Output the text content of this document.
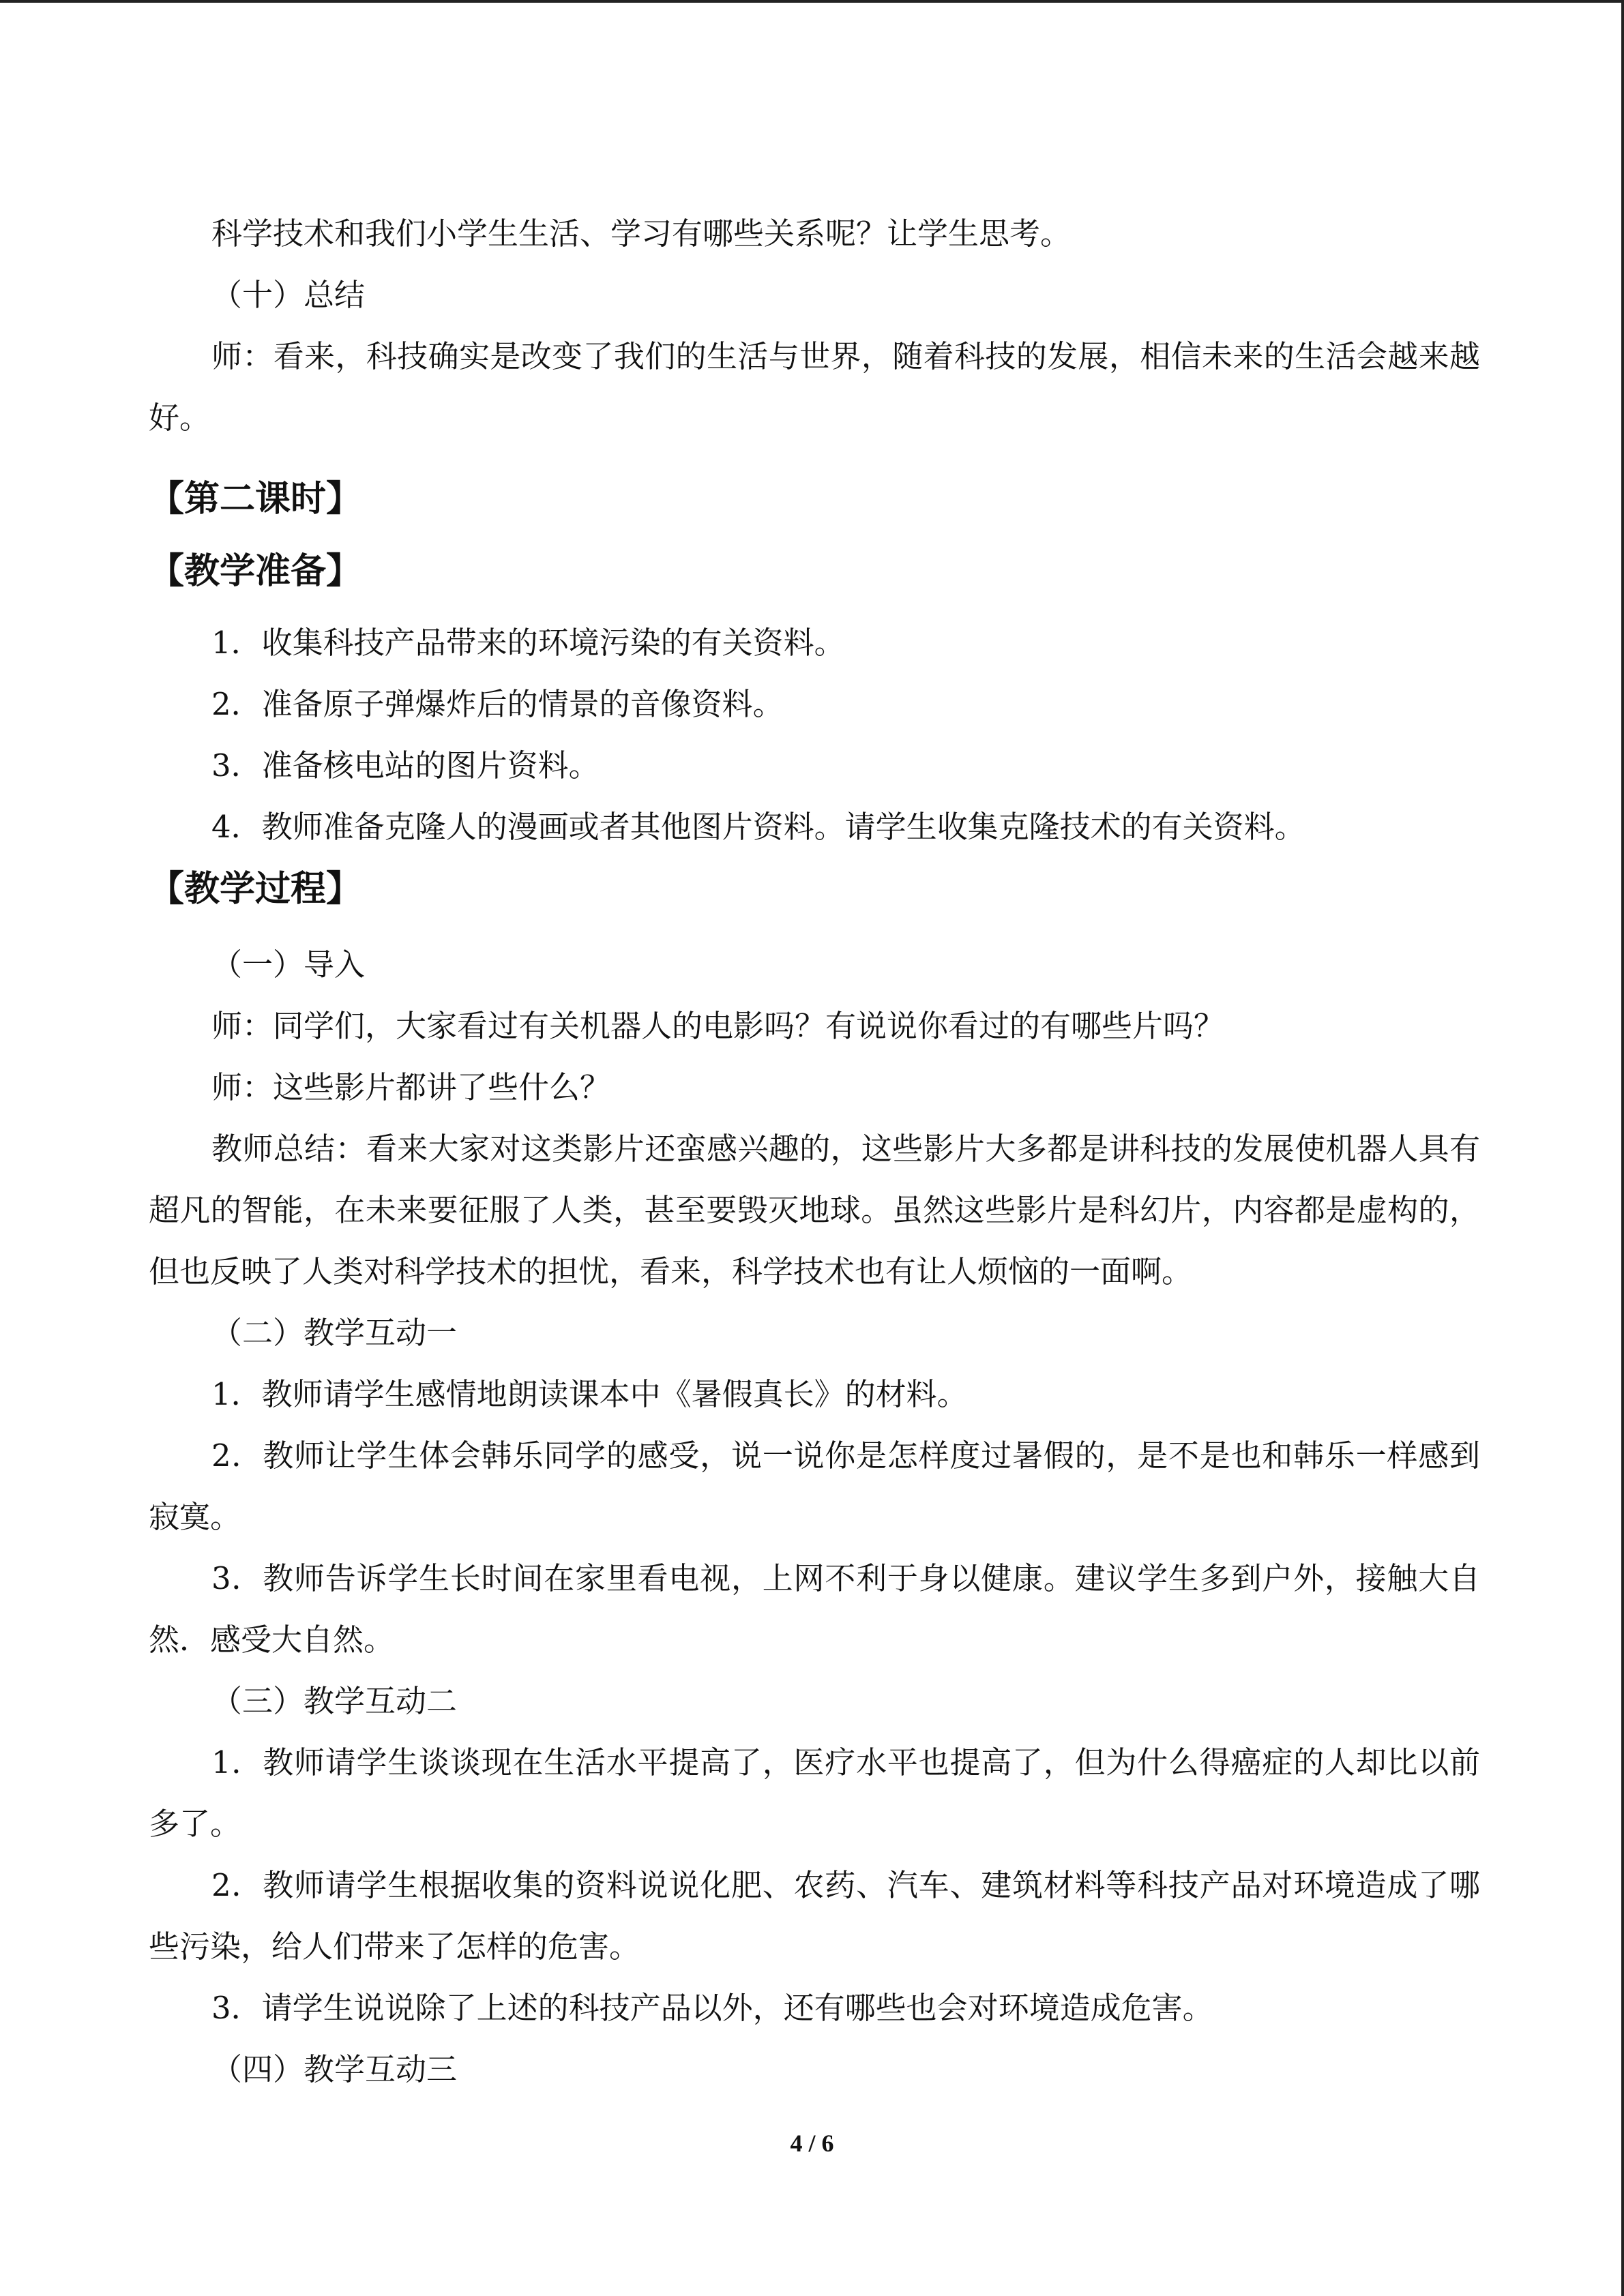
科学技术和我们小学生生活、学习有哪些关系呢？让学生思考。

（十）总结

师：看来，科技确实是改变了我们的生活与世界，随着科技的发展，相信未来的生活会越来越好。

【第二课时】
【教学准备】

1．收集科技产品带来的环境污染的有关资料。

2．准备原子弹爆炸后的情景的音像资料。

3．准备核电站的图片资料。

4．教师准备克隆人的漫画或者其他图片资料。请学生收集克隆技术的有关资料。

【教学过程】

（一）导入

师：同学们，大家看过有关机器人的电影吗？有说说你看过的有哪些片吗？

师：这些影片都讲了些什么？

教师总结：看来大家对这类影片还蛮感兴趣的，这些影片大多都是讲科技的发展使机器人具有超凡的智能，在未来要征服了人类，甚至要毁灭地球。虽然这些影片是科幻片，内容都是虚构的，但也反映了人类对科学技术的担忧，看来，科学技术也有让人烦恼的一面啊。

（二）教学互动一

1．教师请学生感情地朗读课本中《暑假真长》的材料。

2．教师让学生体会韩乐同学的感受，说一说你是怎样度过暑假的，是不是也和韩乐一样感到寂寞。

3．教师告诉学生长时间在家里看电视，上网不利于身以健康。建议学生多到户外，接触大自然．感受大自然。

（三）教学互动二

1．教师请学生谈谈现在生活水平提高了，医疗水平也提高了，但为什么得癌症的人却比以前多了。

2．教师请学生根据收集的资料说说化肥、农药、汽车、建筑材料等科技产品对环境造成了哪些污染，给人们带来了怎样的危害。

3．请学生说说除了上述的科技产品以外，还有哪些也会对环境造成危害。

（四）教学互动三

4 / 6
